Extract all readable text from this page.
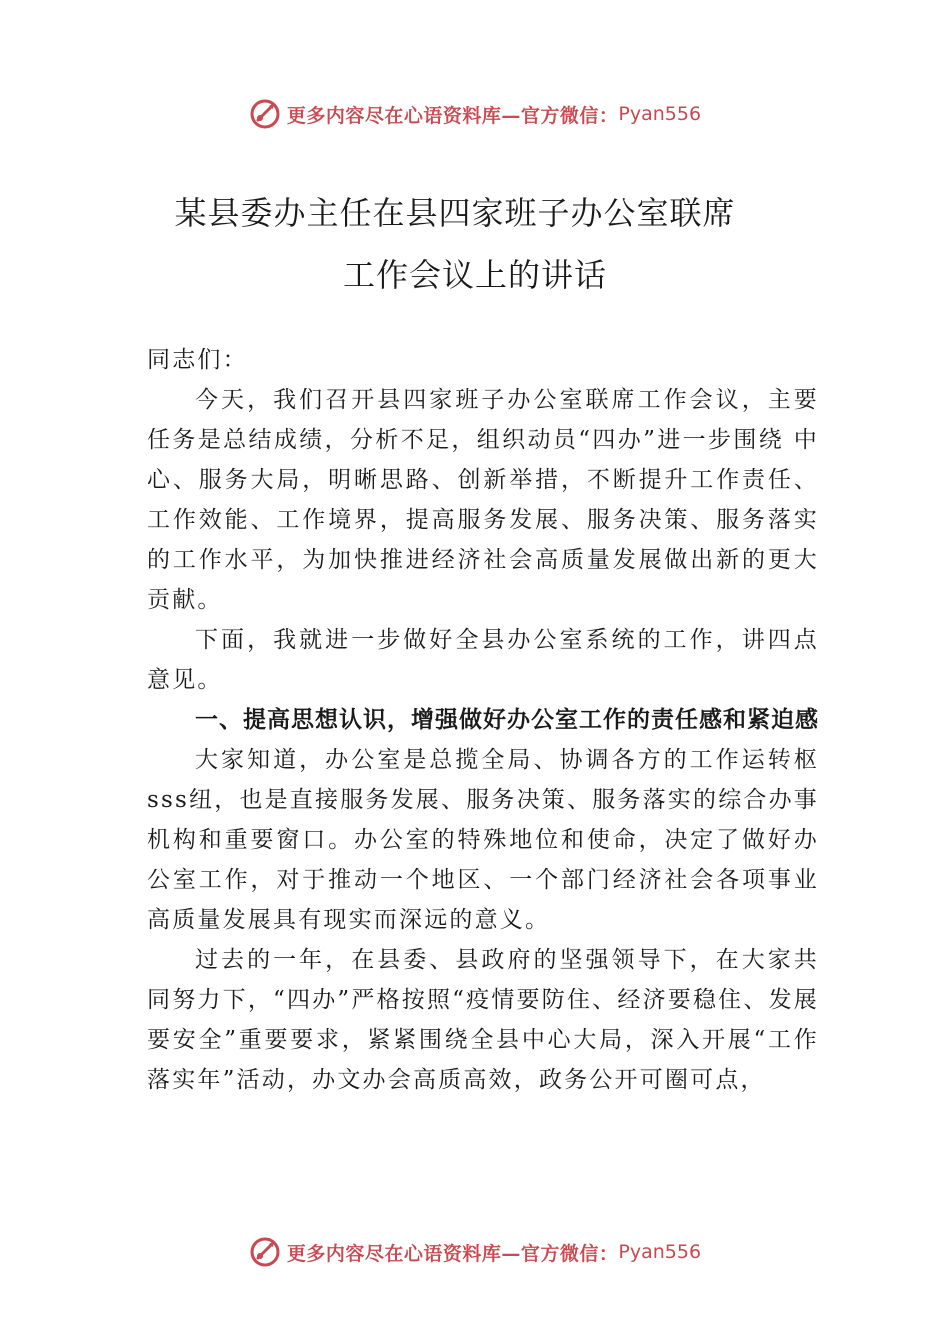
更多内容尽在心语资料库—官方微信： Pyan556
某县委办主任在县四家班子办公室联席
工作会议上的讲话

同志们：

今天，我们召开县四家班子办公室联席工作会议，主要任务是总结成绩，分析不足，组织动员“四办”进一步围绕 中心、服务大局，明晰思路、创新举措，不断提升工作责任、工作效能、工作境界，提高服务发展、服务决策、服务落实的工作水平，为加快推进经济社会高质量发展做出新的更大贡献。

下面，我就进一步做好全县办公室系统的工作，讲四点意见。

一、提高思想认识，增强做好办公室工作的责任感和紧迫感

大家知道，办公室是总揽全局、协调各方的工作运转枢sss纽，也是直接服务发展、服务决策、服务落实的综合办事机构和重要窗口。办公室的特殊地位和使命，决定了做好办公室工作，对于推动一个地区、一个部门经济社会各项事业高质量发展具有现实而深远的意义。

过去的一年，在县委、县政府的坚强领导下，在大家共同努力下，“四办”严格按照“疫情要防住、经济要稳住、发展要安全”重要要求，紧紧围绕全县中心大局，深入开展“工作落实年”活动，办文办会高质高效，政务公开可圈可点，

更多内容尽在心语资料库—官方微信： Pyan556
